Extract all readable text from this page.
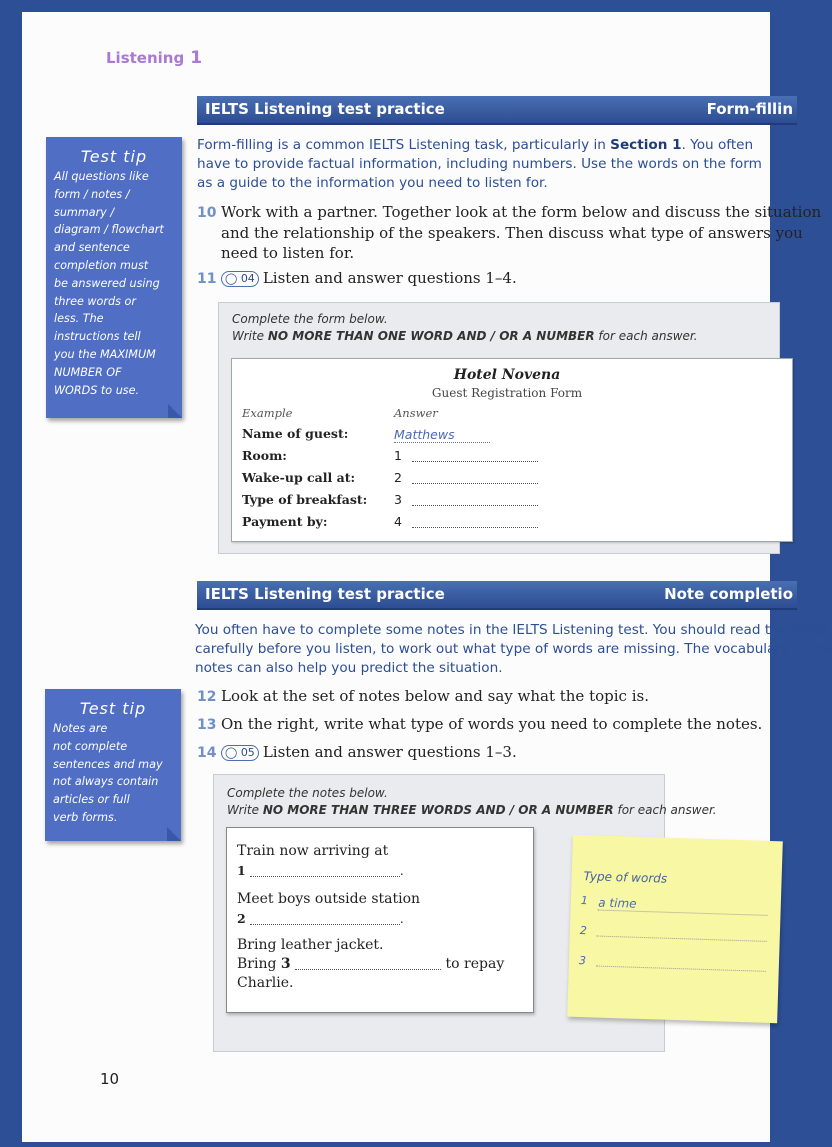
Listening 1
IELTS Listening test practice	Form-fillin
Form-filling is a common IELTS Listening task, particularly in Section 1. You often have to provide factual information, including numbers. Use the words on the form as a guide to the information you need to listen for.
10 Work with a partner. Together look at the form below and discuss the situation
and the relationship of the speakers. Then discuss what type of answers you
need to listen for.
11 ◯ 04 Listen and answer questions 1–4.
Test tip
All questions like
form / notes /
summary /
diagram / flowchart
and sentence
completion must
be answered using
three words or
less. The
instructions tell
you the MAXIMUM
NUMBER OF
WORDS to use.
Complete the form below.
Write NO MORE THAN ONE WORD AND / OR A NUMBER for each answer.
Hotel Novena
Guest Registration Form
Example	Answer
Name of guest:	Matthews
Room:	1
Wake-up call at:	2
Type of breakfast: 3
Payment by:	4
IELTS Listening test practice	Note completio
You often have to complete some notes in the IELTS Listening test. You should read the notes
carefully before you listen, to work out what type of words are missing. The vocabulary in the
notes can also help you predict the situation.
12 Look at the set of notes below and say what the topic is.
13 On the right, write what type of words you need to complete the notes.
14 ◯ 05 Listen and answer questions 1–3.
Test tip
Notes are
not complete
sentences and may
not always contain
articles or full
verb forms.
Complete the notes below.
Write NO MORE THAN THREE WORDS AND / OR A NUMBER for each answer.
Train now arriving at
1	.
Meet boys outside station
2	.
Bring leather jacket.
Bring 3	to repay
Charlie.
Type of words
1 a time
2
3
10
